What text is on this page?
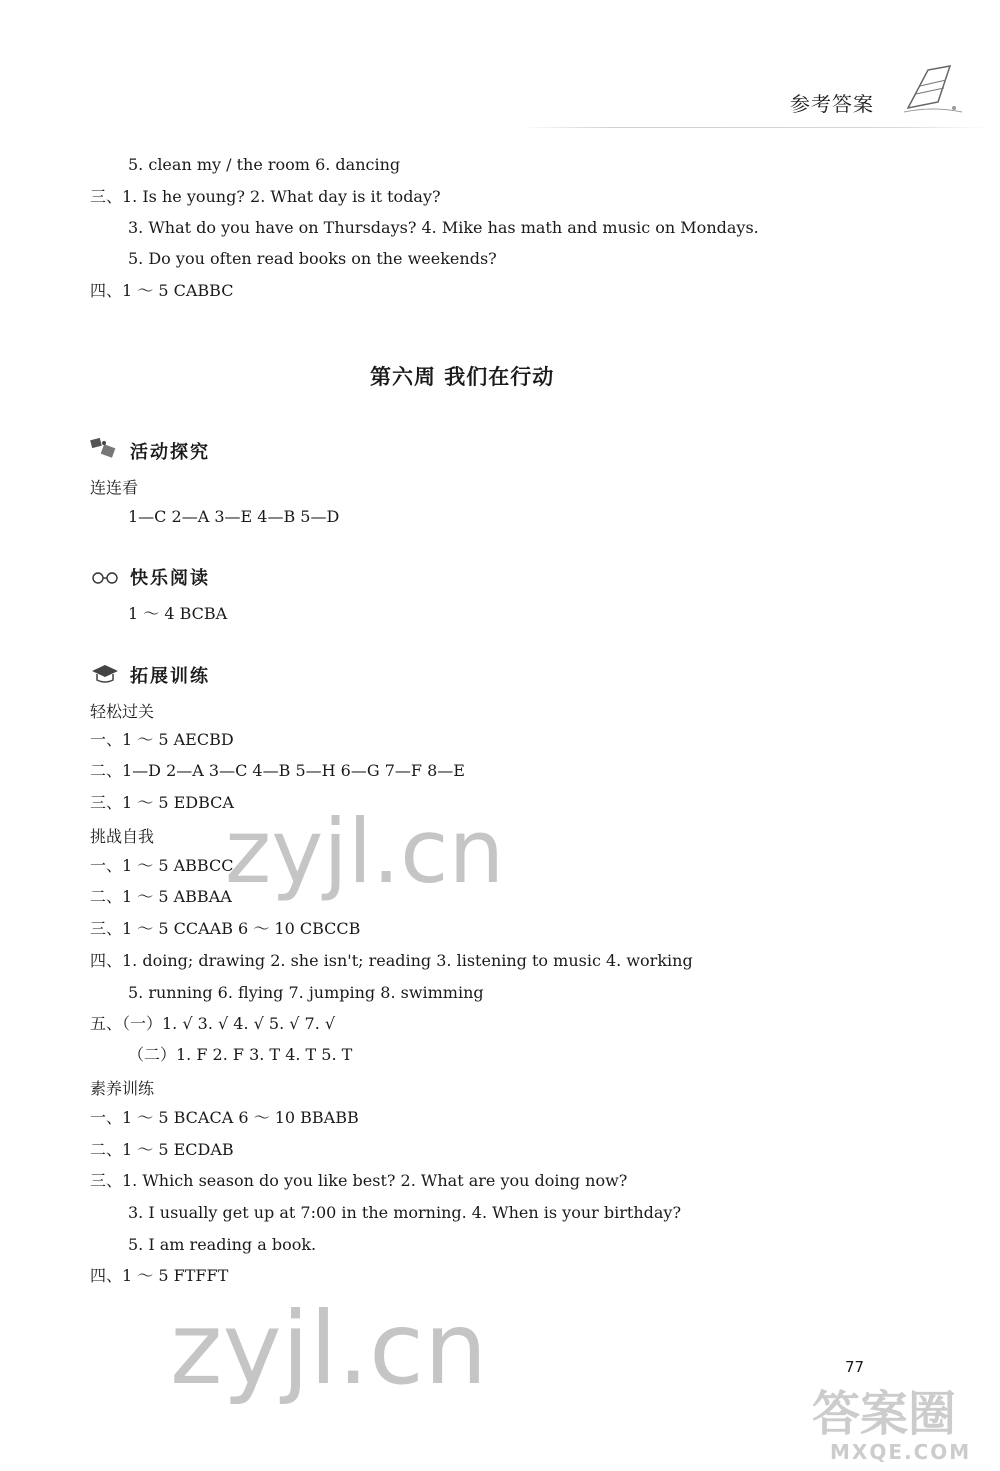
参考答案
5. clean my / the room 6. dancing
三、1. Is he young? 2. What day is it today?
3. What do you have on Thursdays? 4. Mike has math and music on Mondays.
5. Do you often read books on the weekends?
四、1 ～ 5 CABBC
第六周 我们在行动
活动探究
连连看
1—C 2—A 3—E 4—B 5—D
快乐阅读
1 ～ 4 BCBA
拓展训练
轻松过关
一、1 ～ 5 AECBD
二、1—D 2—A 3—C 4—B 5—H 6—G 7—F 8—E
三、1 ～ 5 EDBCA
挑战自我
一、1 ～ 5 ABBCC
二、1 ～ 5 ABBAA
三、1 ～ 5 CCAAB 6 ～ 10 CBCCB
四、1. doing; drawing 2. she isn't; reading 3. listening to music 4. working
5. running 6. flying 7. jumping 8. swimming
五、（一）1. √ 3. √ 4. √ 5. √ 7. √
（二）1. F 2. F 3. T 4. T 5. T
素养训练
一、1 ～ 5 BCACA 6 ～ 10 BBABB
二、1 ～ 5 ECDAB
三、1. Which season do you like best? 2. What are you doing now?
3. I usually get up at 7:00 in the morning. 4. When is your birthday?
5. I am reading a book.
四、1 ～ 5 FTFFT
zyjl.cn
zyjl.cn	77
答案圈
MXQE.COM
